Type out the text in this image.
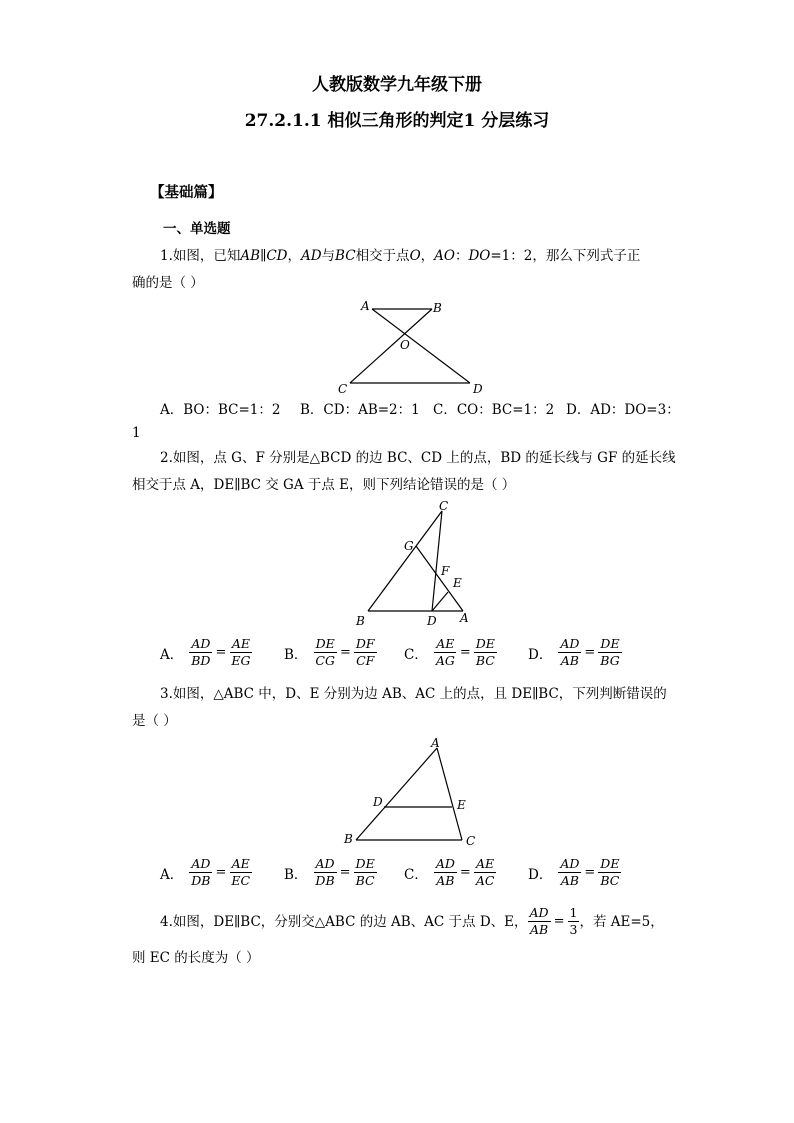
人教版数学九年级下册
27.2.1.1 相似三角形的判定1 分层练习
【基础篇】
一、单选题
1.如图，已知AB∥CD，AD与BC相交于点O，AO：DO=1：2，那么下列式子正
确的是（ ）
A	B
O
C	D
A．BO：BC=1：2 B．CD：AB=2：1 C．CO：BC=1：2 D．AD：DO=3：
1
2.如图，点 G、F 分别是△BCD 的边 BC、CD 上的点，BD 的延长线与 GF 的延长线
相交于点 A，DE∥BC 交 GA 于点 E，则下列结论错误的是（ ）
C
G
F
E
B	D A
A． $\frac{AD}{BD} = \frac{AE}{EG}$ B． $\frac{DE}{CG} = \frac{DF}{CF}$ C． $\frac{AE}{AG} = \frac{DE}{BC}$ D． $\frac{AD}{AB} = \frac{DE}{BG}$
3.如图，△ABC 中，D、E 分别为边 AB、AC 上的点，且 DE∥BC，下列判断错误的
是（ ）
A
D	E
B	C
A． $\frac{AD}{DB} = \frac{AE}{EC}$ B． $\frac{AD}{DB} = \frac{DE}{BC}$ C． $\frac{AD}{AB} = \frac{AE}{AC}$ D． $\frac{AD}{AB} = \frac{DE}{BC}$
4.如图，DE∥BC，分别交△ABC 的边 AB、AC 于点 D、E， $\frac{AD}{AB} = \frac{1}{3}$ ，若 AE=5，
则 EC 的长度为（ ）
